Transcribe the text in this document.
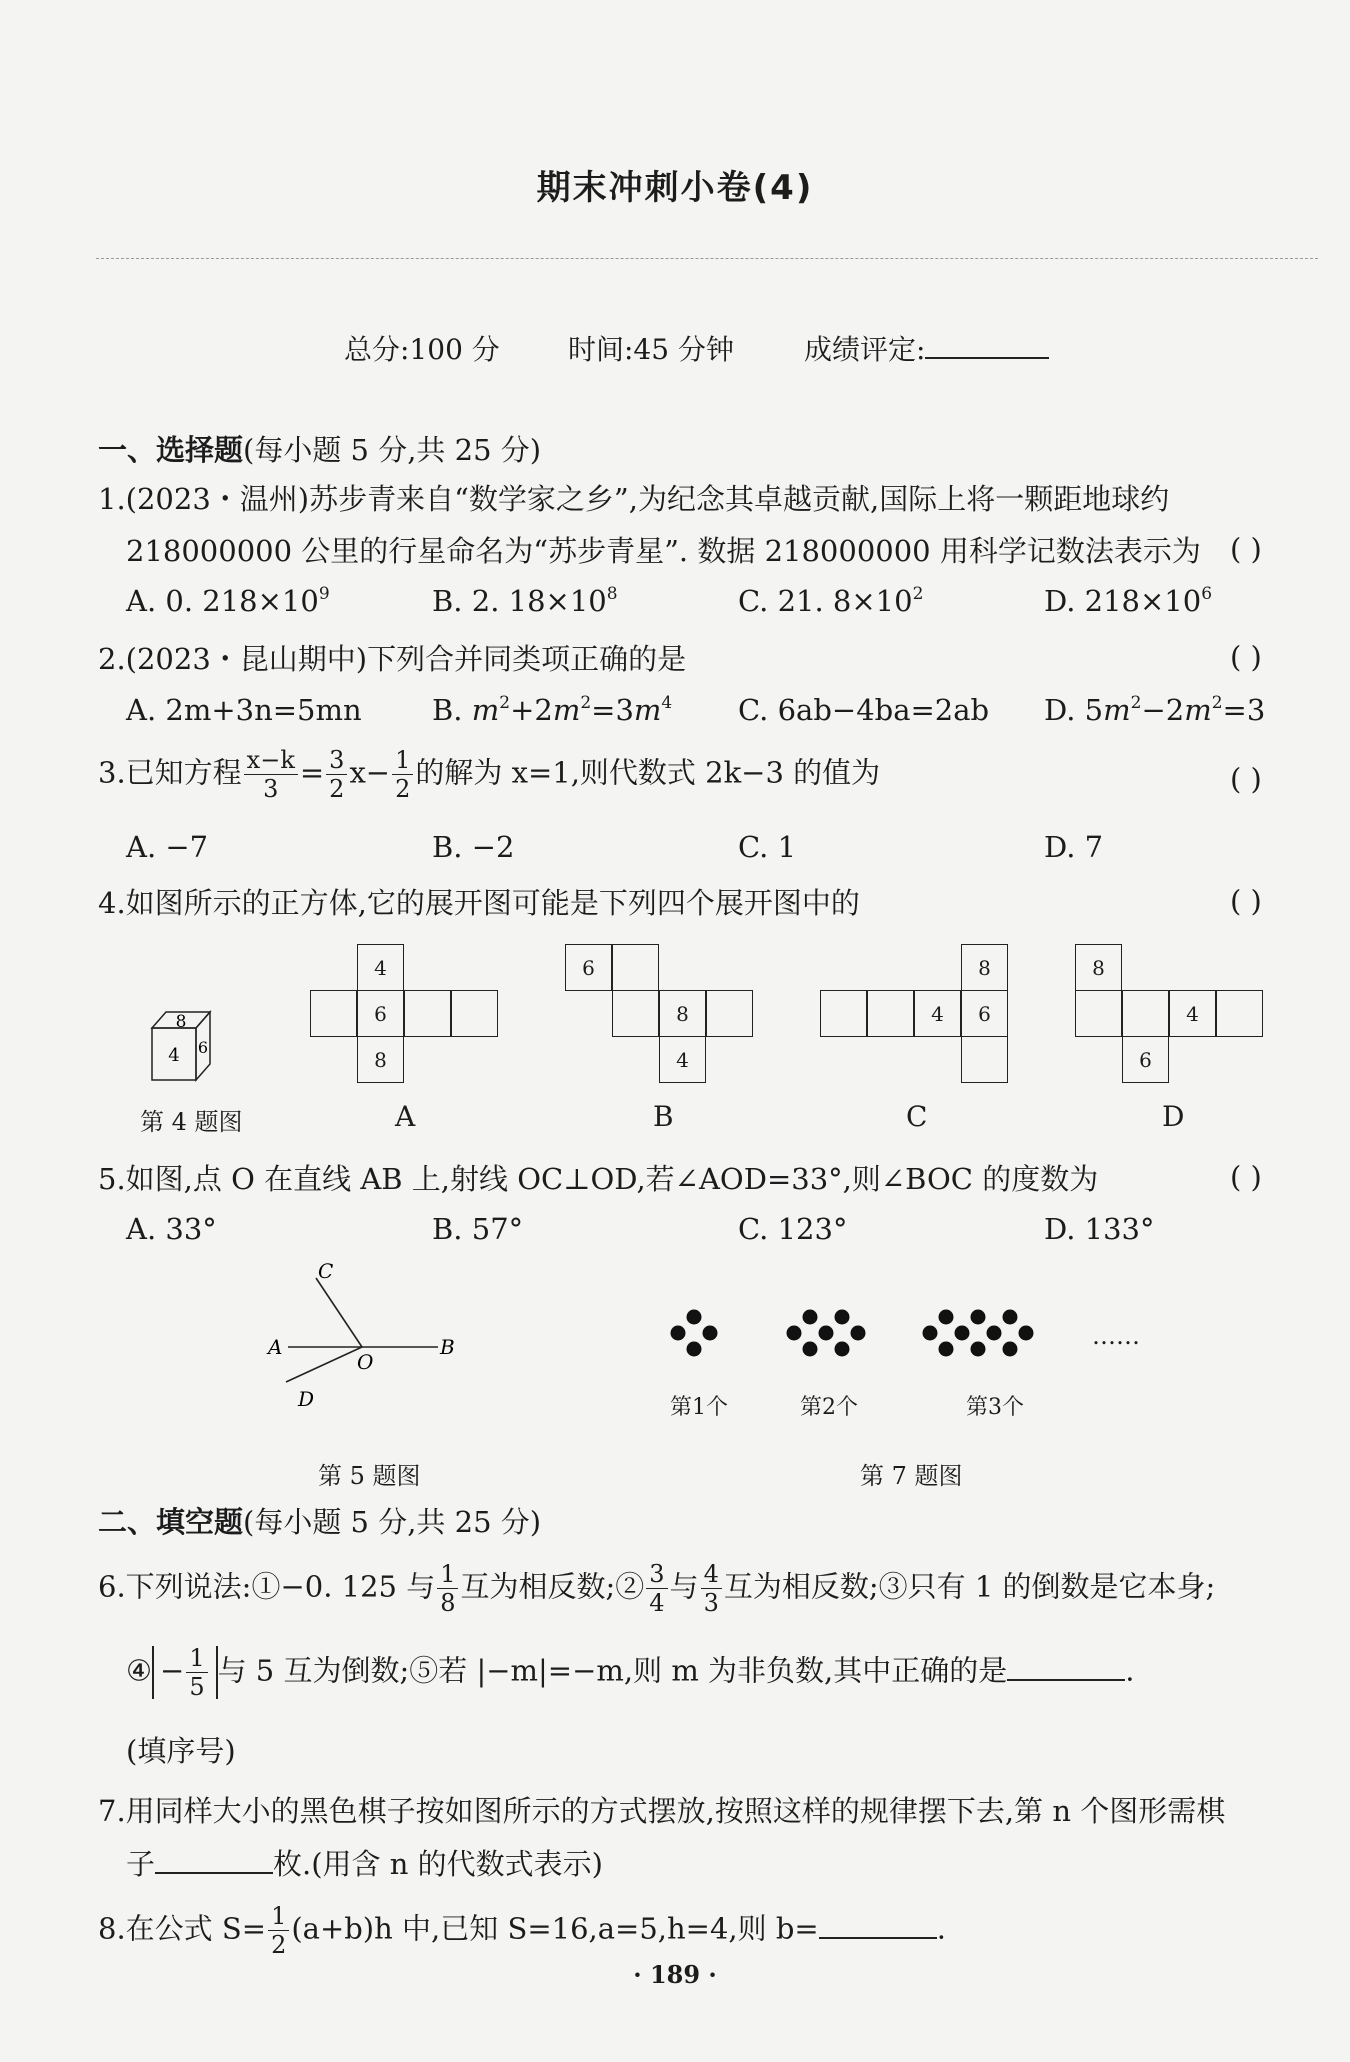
期末冲刺小卷(4)
总分:100 分 时间:45 分钟	成绩评定:
一、选择题(每小题 5 分,共 25 分)
1.(2023・温州)苏步青来自“数学家之乡”,为纪念其卓越贡献,国际上将一颗距地球约
218000000 公里的行星命名为“苏步青星”. 数据 218000000 用科学记数法表示为 ( )
A. 0. $218\times 10^9$	B. 2. $18\times 10^8$	C. 21. $8\times 10^2$	D. $218\times 10^6$
2.(2023・昆山期中)下列合并同类项正确的是	( )
A. 2m+3n=5mn B. $m^2+2m^2=3m^4$ C. 6ab−4ba=2ab D. $5m^2-2m^2=3$
3.已知方程 $\frac{x-k}{3} = \frac{3}{2} x- \frac{1}{2}$ 的解为 x=1,则代数式 2k−3 的值为	( )
A. −7	B. −2	C. 1	D. 7
4.如图所示的正方体,它的展开图可能是下列四个展开图中的	( )
8
4 6
第 4 题图
4
6
8
A
6
8
4
B
8
4	6
C
8
4
6
D
5.如图,点 O 在直线 AB 上,射线 OC⊥OD,若∠AOD=33°,则∠BOC 的度数为	( )
A. 33°	B. 57°	C. 123°	D. 133°
C
A
O
B
D
第 5 题图
第1个	第2个	第3个
……
第 7 题图
二、填空题(每小题 5 分,共 25 分)
6.下列说法:①−0. 125 与 $\frac{1}{8}$ 互为相反数;② $\frac{3}{4}$ 与 $\frac{4}{3}$ 互为相反数;③只有 1 的倒数是它本身;
④ − $\frac{1}{5}$ 与 5 互为倒数;⑤若 |−m|=−m,则 m 为非负数,其中正确的是	.
(填序号)
7.用同样大小的黑色棋子按如图所示的方式摆放,按照这样的规律摆下去,第 n 个图形需棋
子	枚.(用含 n 的代数式表示)
8.在公式 $S= \frac{1}{2} (a+b)h$ 中,已知 S=16,a=5,h=4,则 b=	.
· 189 ·
